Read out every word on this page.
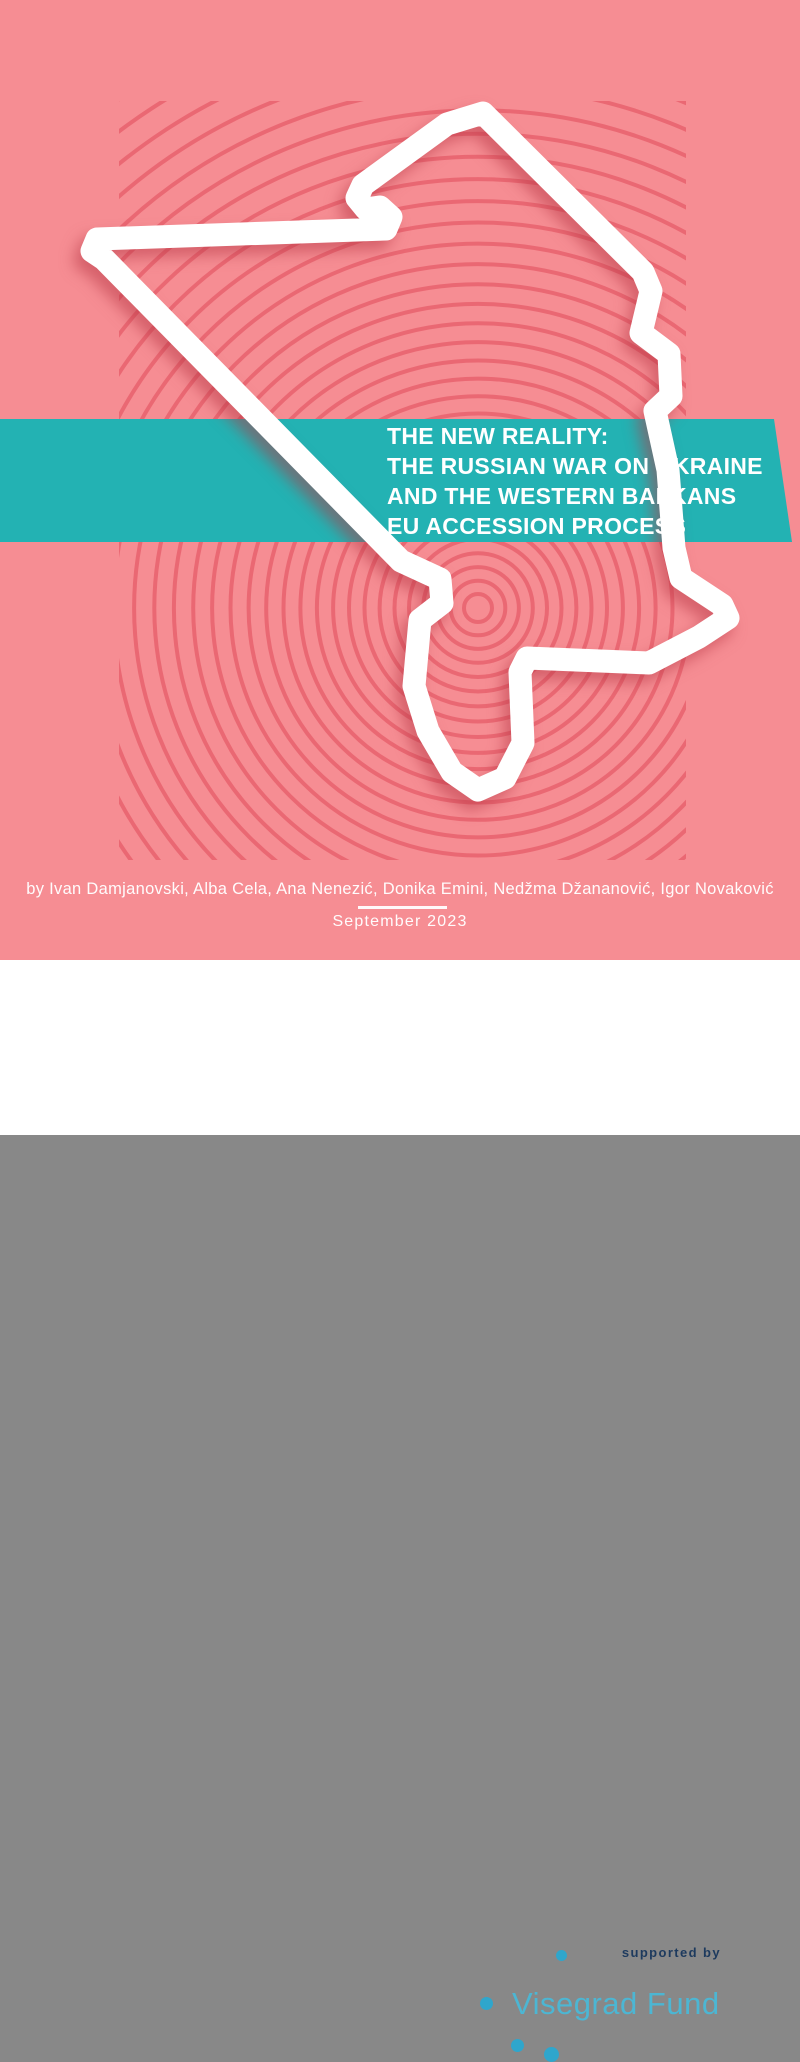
THE NEW REALITY:
THE RUSSIAN WAR ON UKRAINE
AND THE WESTERN BALKANS
EU ACCESSION PROCESS
by Ivan Damjanovski, Alba Cela, Ana Nenezić, Donika Emini, Nedžma Džananović, Igor Novaković
September 2023
supported by
Visegrad Fund
